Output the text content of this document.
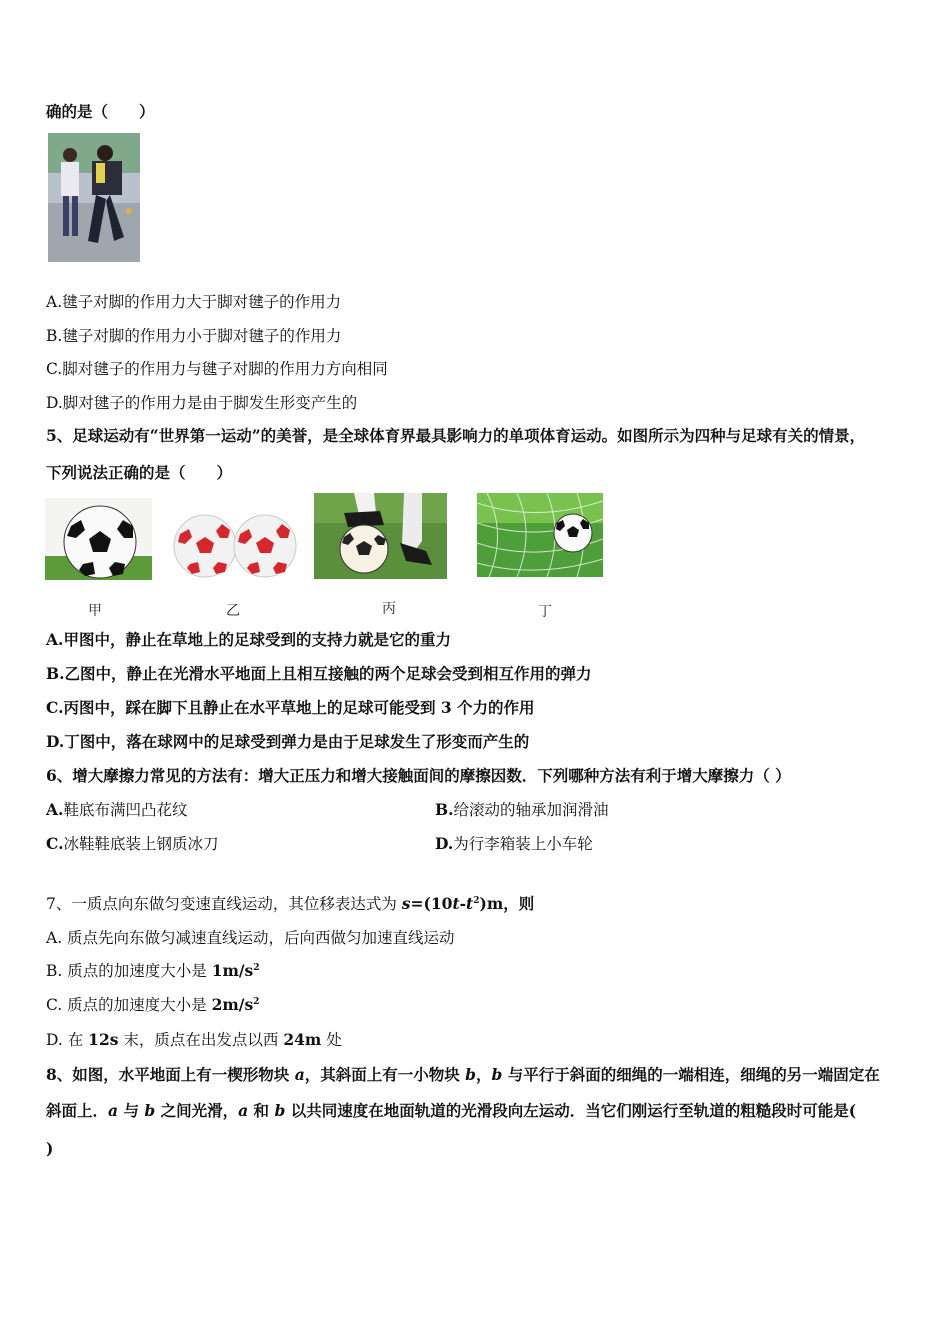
确的是（　　）
A.毽子对脚的作用力大于脚对毽子的作用力
B.毽子对脚的作用力小于脚对毽子的作用力
C.脚对毽子的作用力与毽子对脚的作用力方向相同
D.脚对毽子的作用力是由于脚发生形变产生的
5、足球运动有“世界第一运动”的美誉，是全球体育界最具影响力的单项体育运动。如图所示为四种与足球有关的情景，
下列说法正确的是（　　）
甲	乙	丙	丁
A.甲图中，静止在草地上的足球受到的支持力就是它的重力
B.乙图中，静止在光滑水平地面上且相互接触的两个足球会受到相互作用的弹力
C.丙图中，踩在脚下且静止在水平草地上的足球可能受到 3 个力的作用
D.丁图中，落在球网中的足球受到弹力是由于足球发生了形变而产生的
6、增大摩擦力常见的方法有：增大正压力和增大接触面间的摩擦因数．下列哪种方法有利于增大摩擦力（ ）
A.鞋底布满凹凸花纹	B.给滚动的轴承加润滑油
C.冰鞋鞋底装上钢质冰刀	D.为行李箱装上小车轮
7、一质点向东做匀变速直线运动，其位移表达式为 $s=(10t-t^2)m$，则
A. 质点先向东做匀减速直线运动，后向西做匀加速直线运动
B. 质点的加速度大小是 $1m/s^2$
C. 质点的加速度大小是 $2m/s^2$
D. 在 12s 末，质点在出发点以西 24m 处
8、如图，水平地面上有一楔形物块 a，其斜面上有一小物块 b，b 与平行于斜面的细绳的一端相连，细绳的另一端固定在
斜面上．a 与 b 之间光滑，a 和 b 以共同速度在地面轨道的光滑段向左运动．当它们刚运行至轨道的粗糙段时可能是(
)
